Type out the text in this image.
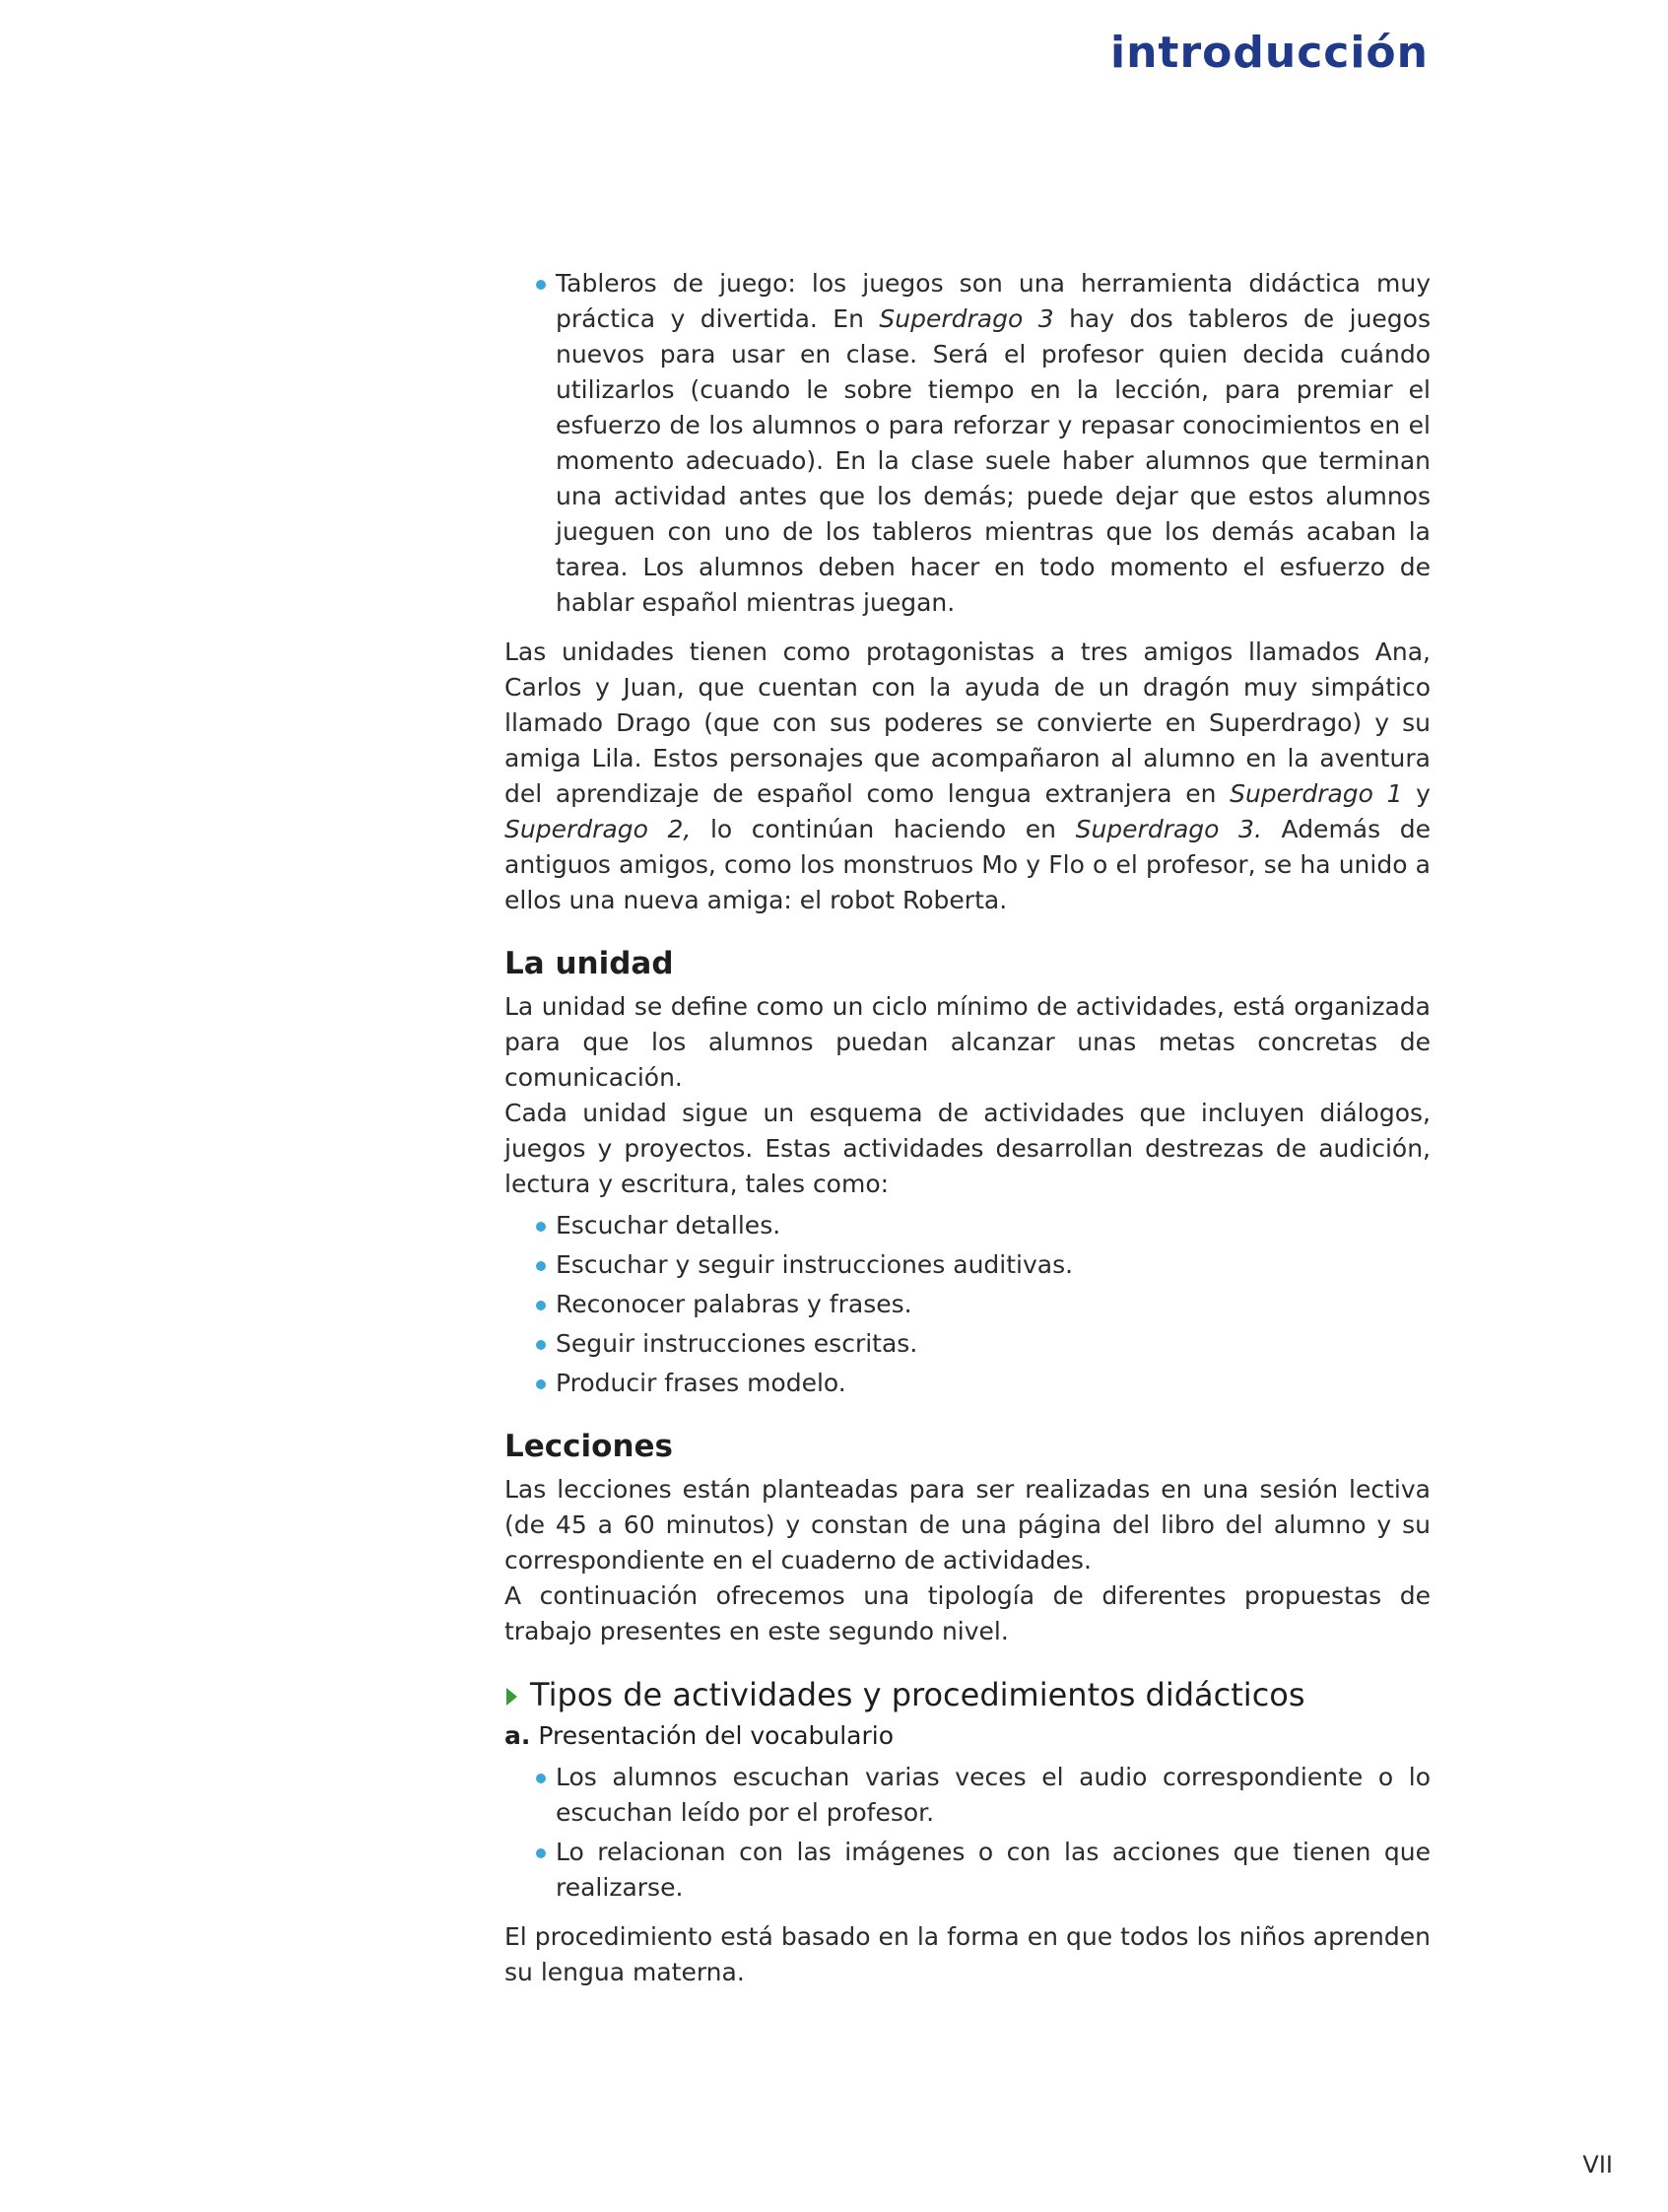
introducción
Tableros de juego: los juegos son una herramienta didáctica muy práctica y divertida. En Superdrago 3 hay dos tableros de juegos nuevos para usar en clase. Será el profesor quien decida cuándo utilizarlos (cuando le sobre tiempo en la lección, para premiar el esfuerzo de los alumnos o para reforzar y repasar conocimientos en el momento adecuado). En la clase suele haber alumnos que terminan una actividad antes que los demás; puede dejar que estos alumnos jueguen con uno de los tableros mientras que los demás acaban la tarea. Los alumnos deben hacer en todo momento el esfuerzo de hablar español mientras juegan.

Las unidades tienen como protagonistas a tres amigos llamados Ana, Carlos y Juan, que cuentan con la ayuda de un dragón muy simpático llamado Drago (que con sus poderes se convierte en Superdrago) y su amiga Lila. Estos personajes que acompañaron al alumno en la aventura del aprendizaje de español como lengua extranjera en Superdrago 1 y Superdrago 2, lo continúan haciendo en Superdrago 3. Además de antiguos amigos, como los monstruos Mo y Flo o el profesor, se ha unido a ellos una nueva amiga: el robot Roberta.

La unidad

La unidad se define como un ciclo mínimo de actividades, está organizada para que los alumnos puedan alcanzar unas metas concretas de comunicación.

Cada unidad sigue un esquema de actividades que incluyen diálogos, juegos y proyectos. Estas actividades desarrollan destrezas de audición, lectura y escritura, tales como:

Escuchar detalles.
Escuchar y seguir instrucciones auditivas.
Reconocer palabras y frases.
Seguir instrucciones escritas.
Producir frases modelo.
Lecciones

Las lecciones están planteadas para ser realizadas en una sesión lectiva (de 45 a 60 minutos) y constan de una página del libro del alumno y su correspondiente en el cuaderno de actividades.

A continuación ofrecemos una tipología de diferentes propuestas de trabajo presentes en este segundo nivel.

Tipos de actividades y procedimientos didácticos
a. Presentación del vocabulario
Los alumnos escuchan varias veces el audio correspondiente o lo escuchan leído por el profesor.
Lo relacionan con las imágenes o con las acciones que tienen que realizarse.

El procedimiento está basado en la forma en que todos los niños aprenden su lengua materna.

VII
